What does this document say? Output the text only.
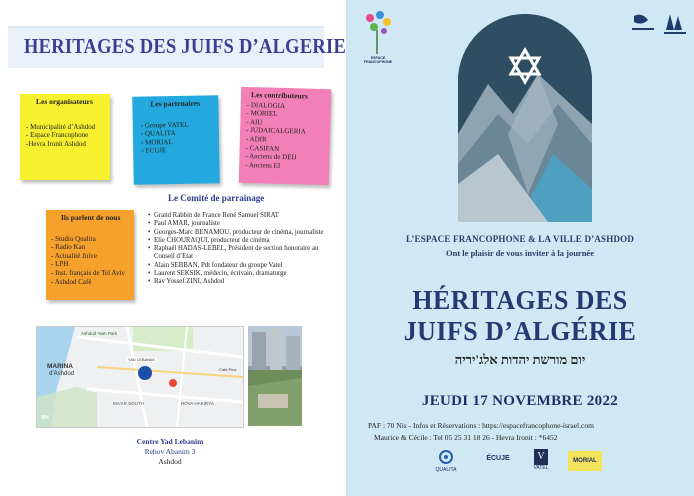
HERITAGES DES JUIFS D’ALGERIE
Les organisateurs
- Municipalité d’Ashdod
- Espace Francophone
-Hevra Ironit Ashdod
Les partenaires
- Groupe VATEL
- QUALITA
- MORIAL
- ECUJE
Les contributeurs
- DIALOGIA
- MORIEL
- AIU
- JUDAICALGERIA
- ADIR
- CASIFAN
- Anciens de DEIJ
- Anciens EI
Ils parlent de nous
- Studio Qualita
- Radio Kan
- Actualité Juive
- LPH
- Inst. français de Tel Aviv
- Ashdod Café
Le Comité de parrainage
• Grand Rabbin de France René Samuel SIRAT
• Paul AMAR, journaliste
• Georges-Marc BENAMOU, producteur de cinéma, journaliste
• Elie CHOURAQUI, producteur de cinéma
• Raphaël HADAS-LEBEL, Président de section honoraire au Conseil d’Etat
• Alain SEBBAN, Pdt fondateur du groupe Vatel
• Laurent SEKSIK, médecin, écrivain, dramaturge
• Rav Yossef ZINI, Ashdod
Ashdod-Yam Park
MARINA
d’Ashdod
YAD LEBANIM
Café Plus
MA'AR SOUTH	ROVA HAKIRYA
MH
Centre Yad Lebanim
Rehov Abanim 3
Ashdod
ESPACE FRANCOPHONE
L’ESPACE FRANCOPHONE & LA VILLE D’ASHDOD
Ont le plaisir de vous inviter à la journée
HÉRITAGES DES
JUIFS D’ALGÉRIE
יום מורשת יהדות אלג'יריה
JEUDI 17 NOVEMBRE 2022
PAF : 70 Nis - Infos et Réservations : https://espacefrancophone-israel.com
Maurice & Cécile : Tel 05 25 31 18 26 - Hevra Ironit : *6452
QUALITA
ÉCUJE	V
VATEL
MORIAL
